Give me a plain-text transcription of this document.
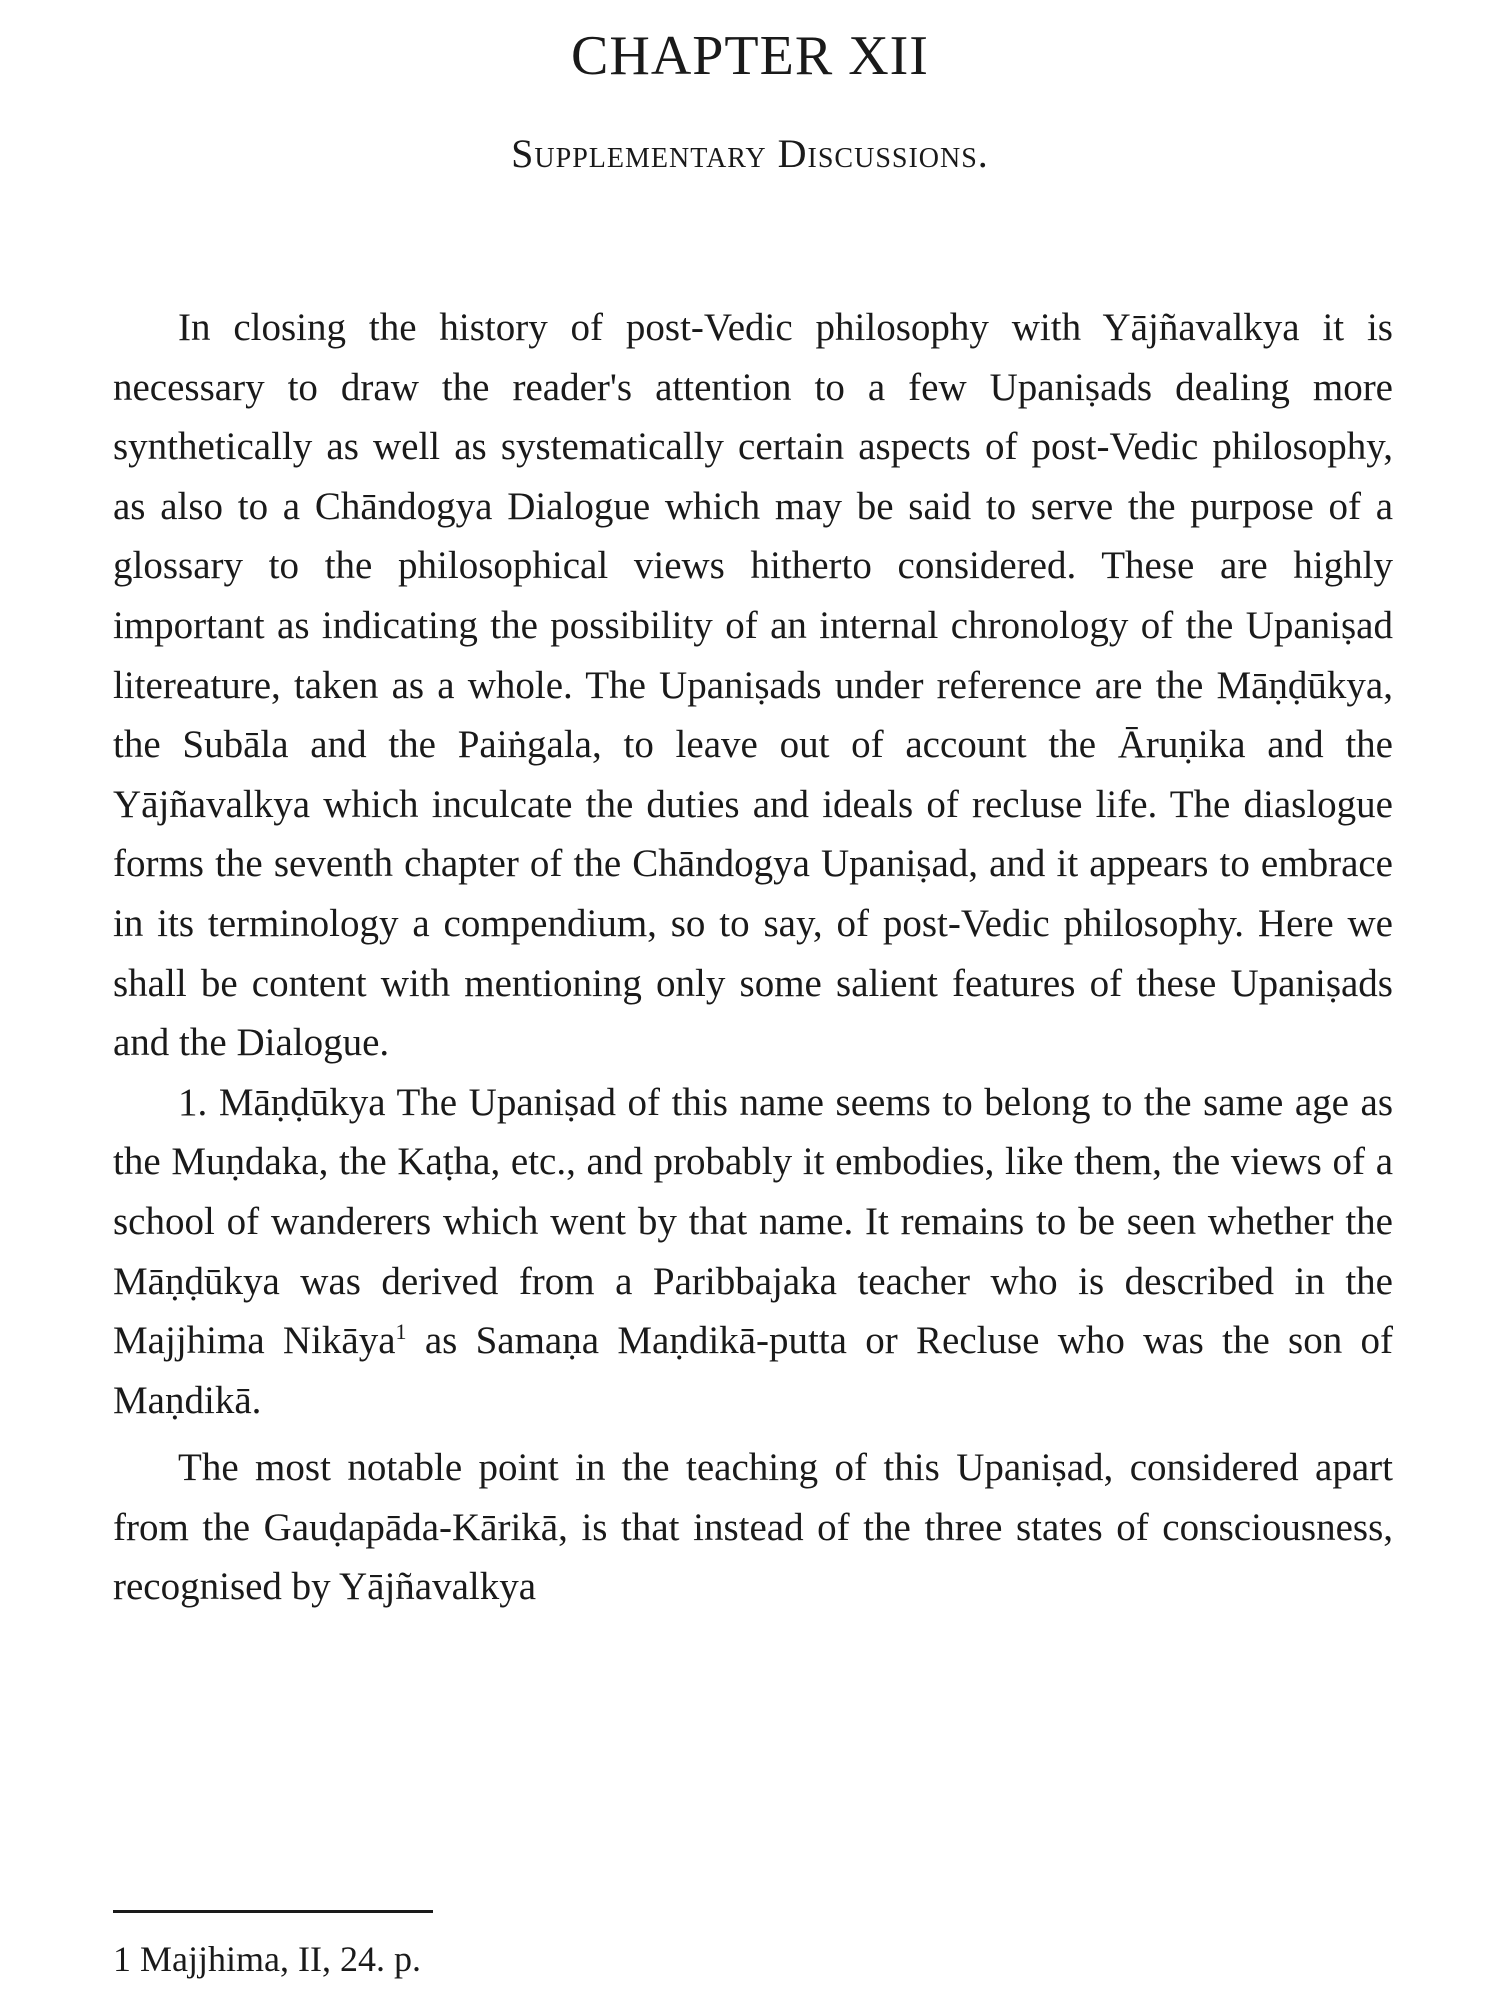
CHAPTER XII
Supplementary Discussions.

In closing the history of post-Vedic philosophy with Yājñavalkya it is necessary to draw the reader's attention to a few Upaniṣads dealing more synthetically as well as systematically certain aspects of post-Vedic philosophy, as also to a Chāndogya Dialogue which may be said to serve the purpose of a glossary to the philosophical views hitherto considered. These are highly important as indicating the possibility of an internal chronology of the Upaniṣad litereature, taken as a whole. The Upaniṣads under reference are the Māṇḍūkya, the Subāla and the Paiṅgala, to leave out of account the Āruṇika and the Yājñavalkya which inculcate the duties and ideals of recluse life. The diaslogue forms the seventh chapter of the Chāndogya Upaniṣad, and it appears to embrace in its terminology a compendium, so to say, of post-Vedic philosophy. Here we shall be content with mentioning only some salient features of these Upaniṣads and the Dialogue.

1. Māṇḍūkya The Upaniṣad of this name seems to belong to the same age as the Muṇdaka, the Kaṭha, etc., and probably it embodies, like them, the views of a school of wanderers which went by that name. It remains to be seen whether the Māṇḍūkya was derived from a Paribbajaka teacher who is described in the Majjhima Nikāya$^1$ as Samaṇa Maṇdikā-putta or Recluse who was the son of Maṇdikā.

The most notable point in the teaching of this Upaniṣad, considered apart from the Gauḍapāda-Kārikā, is that instead of the three states of consciousness, recognised by Yājñavalkya

1 Majjhima, II, 24. p.
